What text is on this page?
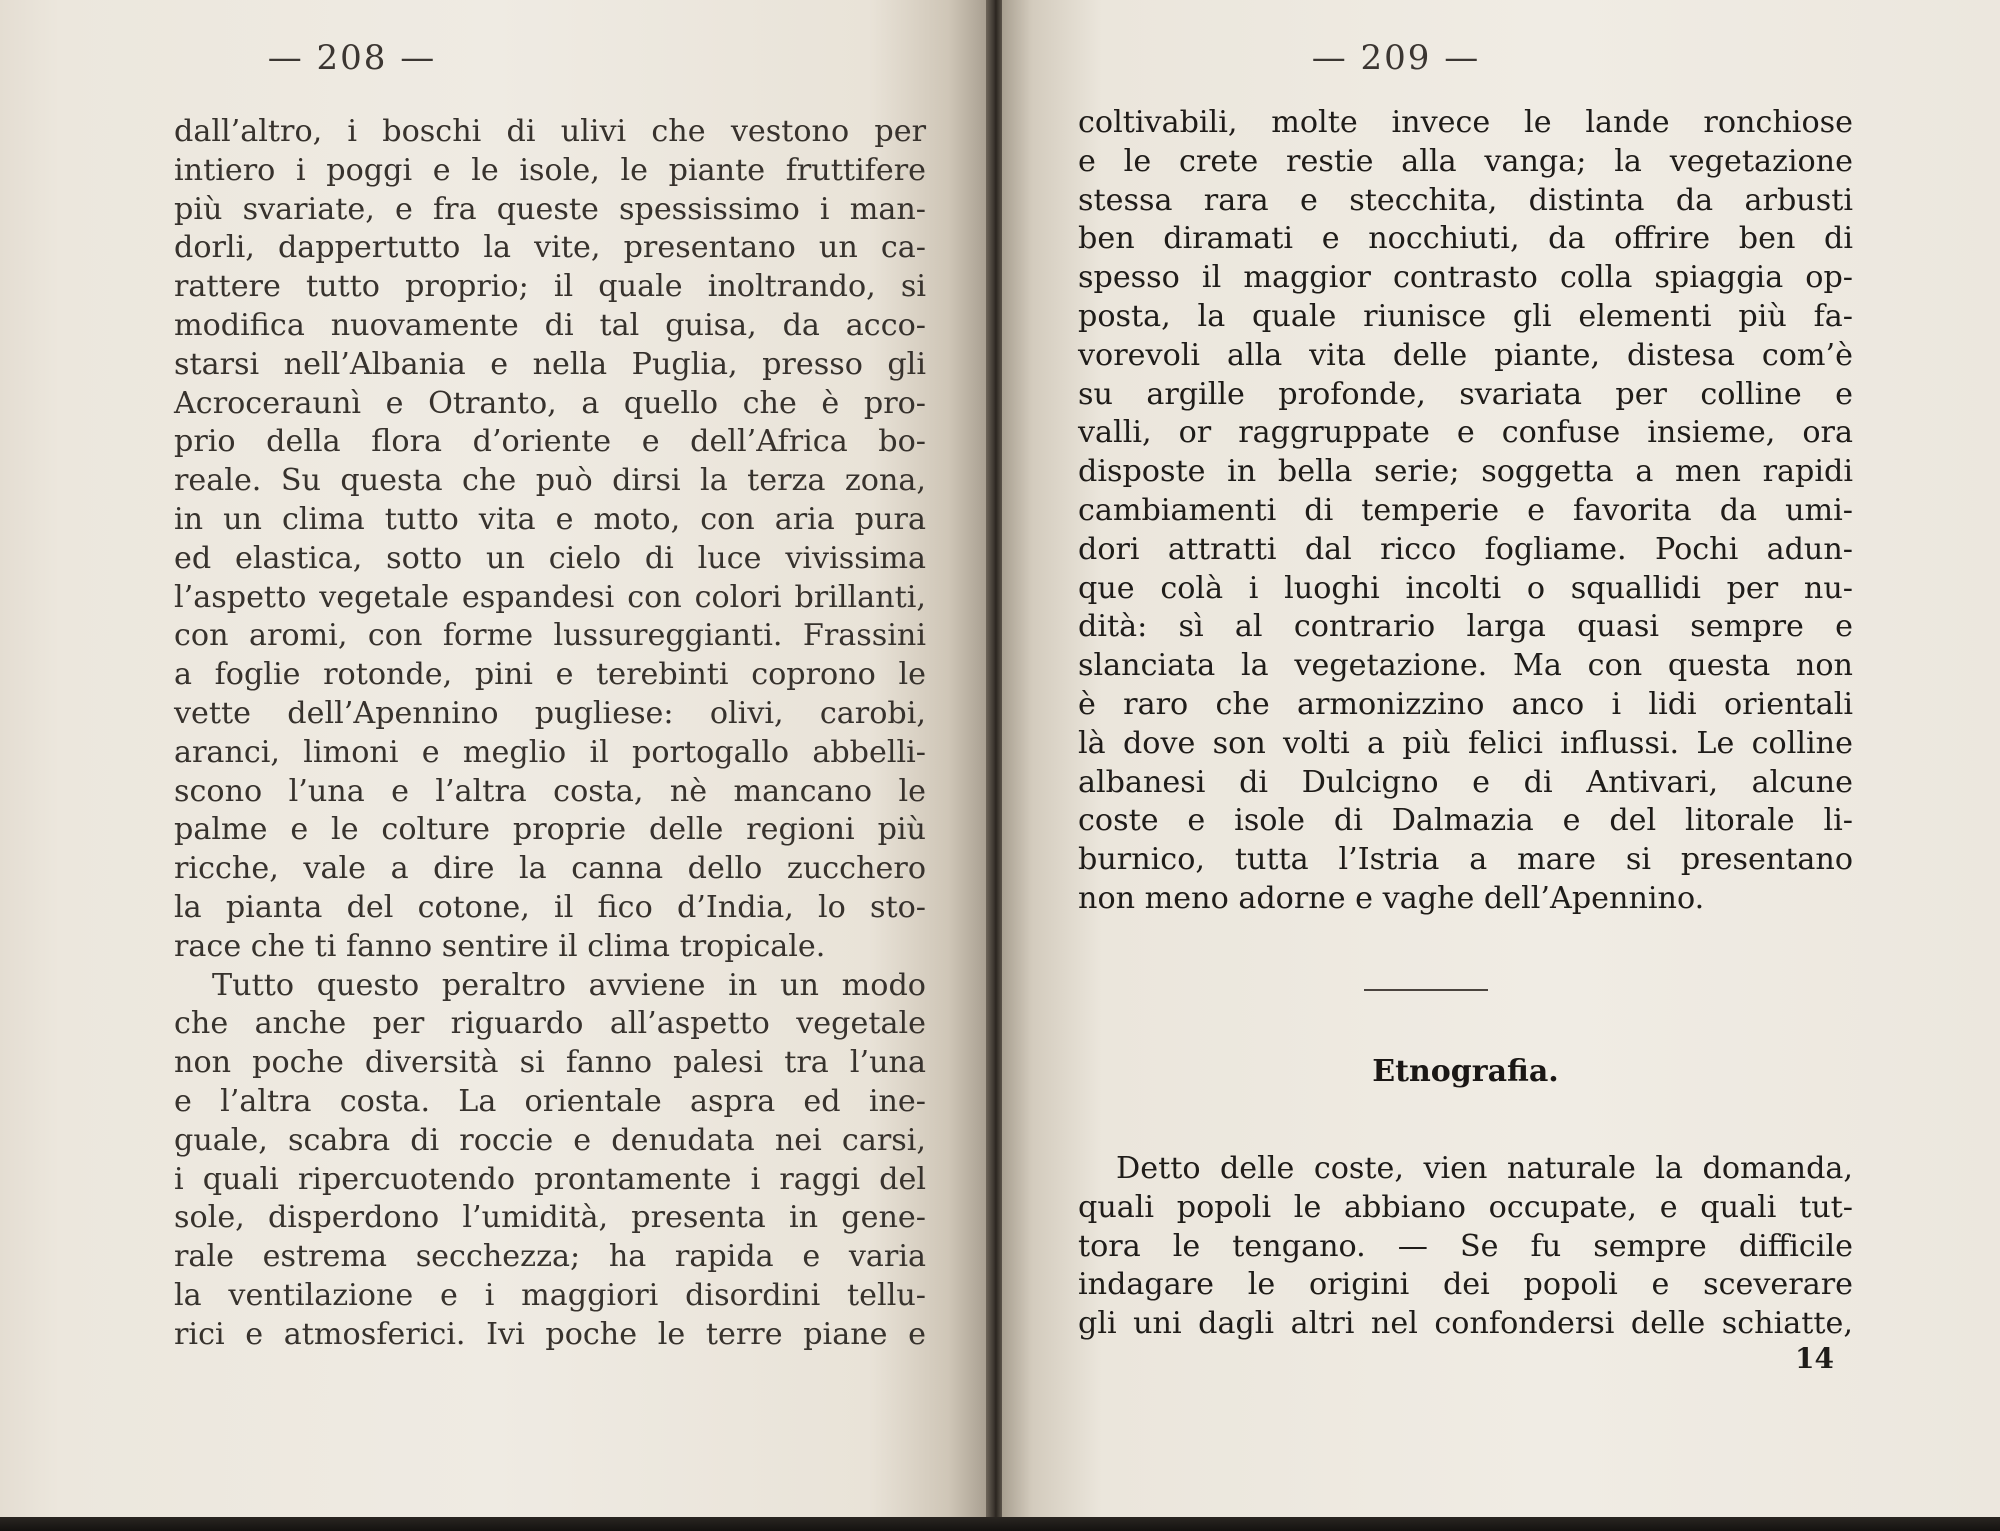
— 208 —
dall’altro, i boschi di ulivi che vestono per
intiero i poggi e le isole, le piante fruttifere
più svariate, e fra queste spessissimo i man-
dorli, dappertutto la vite, presentano un ca-
rattere tutto proprio; il quale inoltrando, si
modifica nuovamente di tal guisa, da acco-
starsi nell’Albania e nella Puglia, presso gli
Acroceraunì e Otranto, a quello che è pro-
prio della flora d’oriente e dell’Africa bo-
reale. Su questa che può dirsi la terza zona,
in un clima tutto vita e moto, con aria pura
ed elastica, sotto un cielo di luce vivissima
l’aspetto vegetale espandesi con colori brillanti,
con aromi, con forme lussureggianti. Frassini
a foglie rotonde, pini e terebinti coprono le
vette dell’Apennino pugliese: olivi, carobi,
aranci, limoni e meglio il portogallo abbelli-
scono l’una e l’altra costa, nè mancano le
palme e le colture proprie delle regioni più
ricche, vale a dire la canna dello zucchero
la pianta del cotone, il fico d’India, lo sto-
race che ti fanno sentire il clima tropicale.
Tutto questo peraltro avviene in un modo
che anche per riguardo all’aspetto vegetale
non poche diversità si fanno palesi tra l’una
e l’altra costa. La orientale aspra ed ine-
guale, scabra di roccie e denudata nei carsi,
i quali ripercuotendo prontamente i raggi del
sole, disperdono l’umidità, presenta in gene-
rale estrema secchezza; ha rapida e varia
la ventilazione e i maggiori disordini tellu-
rici e atmosferici. Ivi poche le terre piane e
— 209 —
coltivabili, molte invece le lande ronchiose
e le crete restie alla vanga; la vegetazione
stessa rara e stecchita, distinta da arbusti
ben diramati e nocchiuti, da offrire ben di
spesso il maggior contrasto colla spiaggia op-
posta, la quale riunisce gli elementi più fa-
vorevoli alla vita delle piante, distesa com’è
su argille profonde, svariata per colline e
valli, or raggruppate e confuse insieme, ora
disposte in bella serie; soggetta a men rapidi
cambiamenti di temperie e favorita da umi-
dori attratti dal ricco fogliame. Pochi adun-
que colà i luoghi incolti o squallidi per nu-
dità: sì al contrario larga quasi sempre e
slanciata la vegetazione. Ma con questa non
è raro che armonizzino anco i lidi orientali
là dove son volti a più felici influssi. Le colline
albanesi di Dulcigno e di Antivari, alcune
coste e isole di Dalmazia e del litorale li-
burnico, tutta l’Istria a mare si presentano
non meno adorne e vaghe dell’Apennino.
Etnografia.
Detto delle coste, vien naturale la domanda,
quali popoli le abbiano occupate, e quali tut-
tora le tengano. — Se fu sempre difficile
indagare le origini dei popoli e sceverare
gli uni dagli altri nel confondersi delle schiatte,
14
